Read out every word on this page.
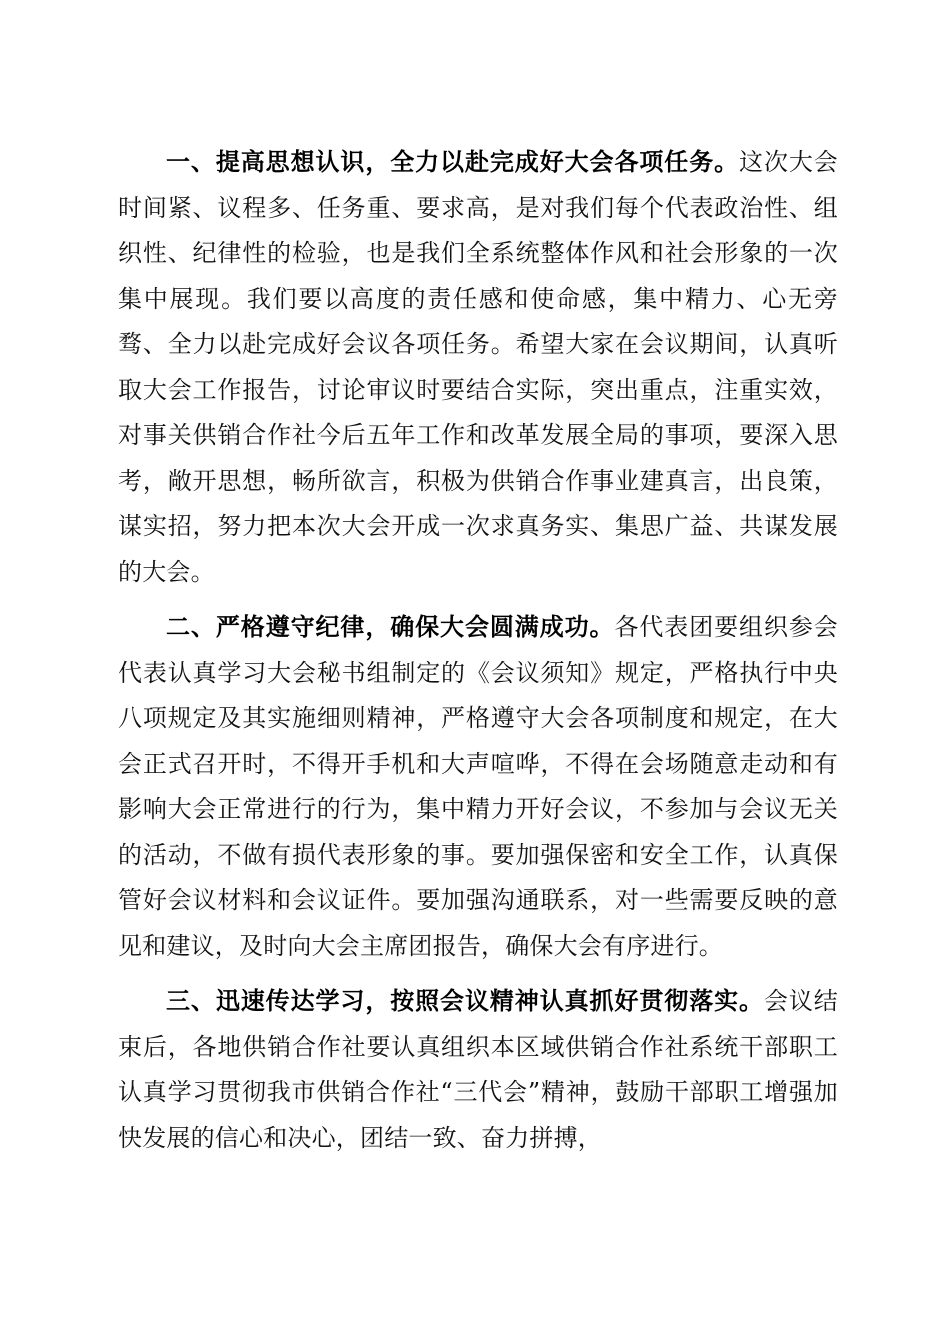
一、提高思想认识，全力以赴完成好大会各项任务。这次大会时间紧、议程多、任务重、要求高，是对我们每个代表政治性、组织性、纪律性的检验，也是我们全系统整体作风和社会形象的一次集中展现。我们要以高度的责任感和使命感，集中精力、心无旁骛、全力以赴完成好会议各项任务。希望大家在会议期间，认真听取大会工作报告，讨论审议时要结合实际，突出重点，注重实效，对事关供销合作社今后五年工作和改革发展全局的事项，要深入思考，敞开思想，畅所欲言，积极为供销合作事业建真言，出良策，谋实招，努力把本次大会开成一次求真务实、集思广益、共谋发展的大会。

二、严格遵守纪律，确保大会圆满成功。各代表团要组织参会代表认真学习大会秘书组制定的《会议须知》规定，严格执行中央八项规定及其实施细则精神，严格遵守大会各项制度和规定，在大会正式召开时，不得开手机和大声喧哗，不得在会场随意走动和有影响大会正常进行的行为，集中精力开好会议，不参加与会议无关的活动，不做有损代表形象的事。要加强保密和安全工作，认真保管好会议材料和会议证件。要加强沟通联系，对一些需要反映的意见和建议，及时向大会主席团报告，确保大会有序进行。

三、迅速传达学习，按照会议精神认真抓好贯彻落实。会议结束后，各地供销合作社要认真组织本区域供销合作社系统干部职工认真学习贯彻我市供销合作社“三代会”精神，鼓励干部职工增强加快发展的信心和决心，团结一致、奋力拼搏，
